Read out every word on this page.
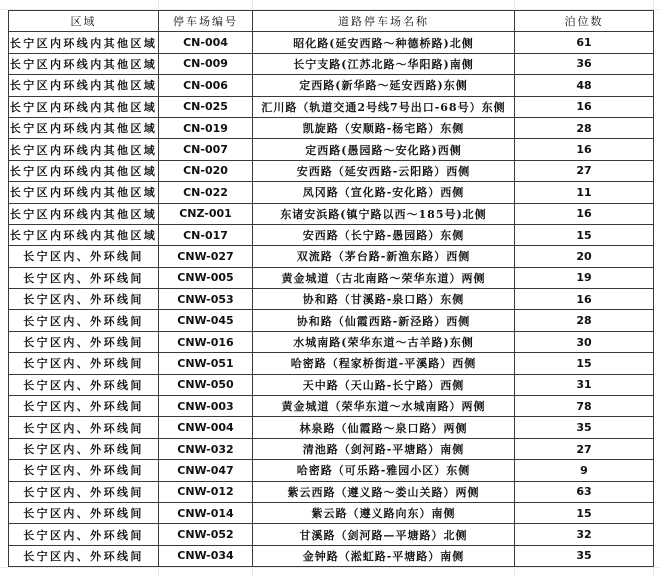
区域	停车场编号	道路停车场名称	泊位数
长宁区内环线内其他区域	CN-004	昭化路(延安西路～种德桥路)北侧	61
长宁区内环线内其他区域	CN-009	长宁支路(江苏北路～华阳路)南侧	36
长宁区内环线内其他区域	CN-006	定西路(新华路～延安西路)东侧	48
长宁区内环线内其他区域	CN-025	汇川路（轨道交通2号线7号出口-68号）东侧	16
长宁区内环线内其他区域	CN-019	凯旋路（安顺路-杨宅路）东侧	28
长宁区内环线内其他区域	CN-007	定西路(愚园路～安化路)西侧	16
长宁区内环线内其他区域	CN-020	安西路（延安西路-云阳路）西侧	27
长宁区内环线内其他区域	CN-022	凤冈路（宣化路-安化路）西侧	11
长宁区内环线内其他区域	CNZ-001	东诸安浜路(镇宁路以西～185号)北侧	16
长宁区内环线内其他区域	CN-017	安西路（长宁路-愚园路）东侧	15
长宁区内、外环线间	CNW-027	双流路（茅台路-新渔东路）西侧	20
长宁区内、外环线间	CNW-005	黄金城道（古北南路～荣华东道）两侧	19
长宁区内、外环线间	CNW-053	协和路（甘溪路-泉口路）东侧	16
长宁区内、外环线间	CNW-045	协和路（仙霞西路-新泾路）西侧	28
长宁区内、外环线间	CNW-016	水城南路(荣华东道～古羊路)东侧	30
长宁区内、外环线间	CNW-051	哈密路（程家桥街道-平溪路）西侧	15
长宁区内、外环线间	CNW-050	天中路（天山路-长宁路）西侧	31
长宁区内、外环线间	CNW-003	黄金城道（荣华东道～水城南路）两侧	78
长宁区内、外环线间	CNW-004	林泉路（仙霞路～泉口路）两侧	35
长宁区内、外环线间	CNW-032	清池路（剑河路-平塘路）南侧	27
长宁区内、外环线间	CNW-047	哈密路（可乐路-雅园小区）东侧	9
长宁区内、外环线间	CNW-012	紫云西路（遵义路～娄山关路）两侧	63
长宁区内、外环线间	CNW-014	紫云路（遵义路向东）南侧	15
长宁区内、外环线间	CNW-052	甘溪路（剑河路—平塘路）北侧	32
长宁区内、外环线间	CNW-034	金钟路（淞虹路-平塘路）南侧	35
